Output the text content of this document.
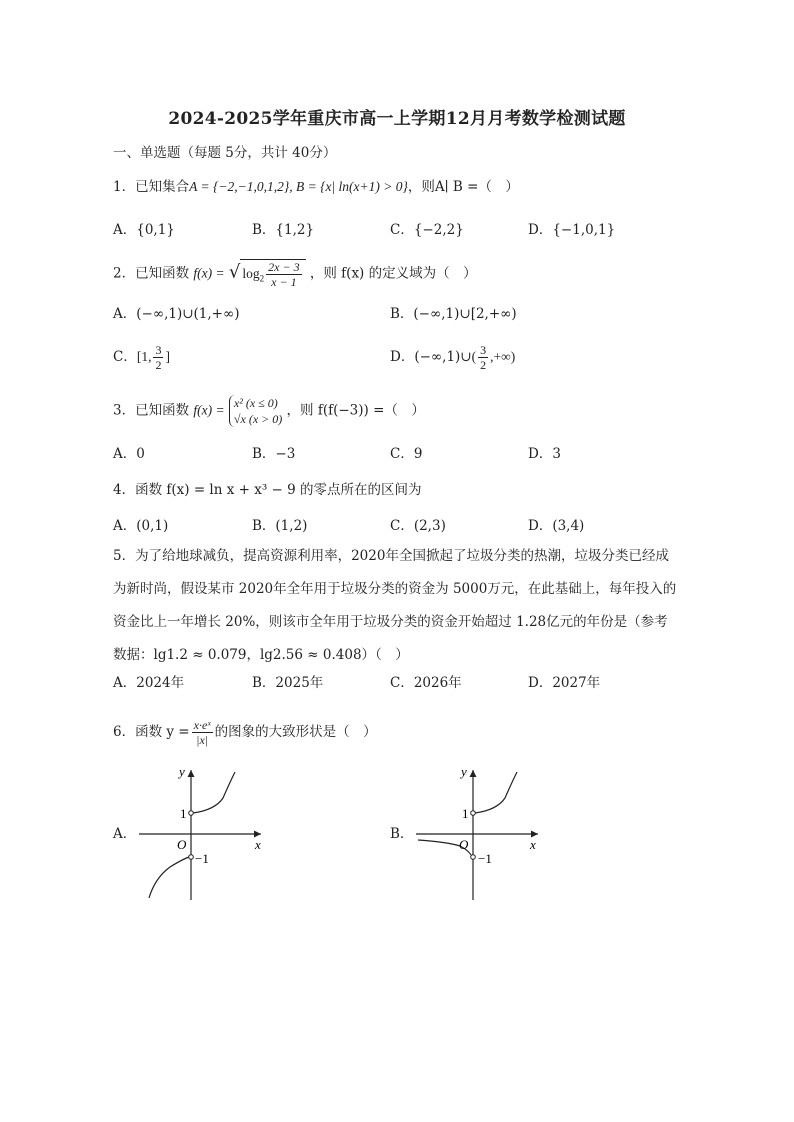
2024-2025学年重庆市高一上学期12月月考数学检测试题
一、单选题（每题 5分，共计 40分）
1．已知集合A = {−2,−1,0,1,2}, B = {x| ln(x+1) > 0}，则A∣ B =（　）
A．{0,1}	B．{1,2}	C．{−2,2}	D．{−1,0,1}
2．已知函数 f(x) = √ $\log_2 \frac{2x - 3}{x - 1}$ ，则 f(x) 的定义域为（　）
A．(−∞,1)∪(1,+∞)	B．(−∞,1)∪[2,+∞)
C．[1, $\frac{3}{2}$ ]	D．(−∞,1)∪( $\frac{3}{2}$ ,+∞)
3．已知函数 f(x) = x² (x ≤ 0)
√x (x > 0)
，则 f(f(−3)) =（　）
A．0	B．−3	C．9	D．3
4．函数 f(x) = ln x + x³ − 9 的零点所在的区间为
A．(0,1)	B．(1,2)	C．(2,3)	D．(3,4)
5．为了给地球减负，提高资源利用率，2020年全国掀起了垃圾分类的热潮，垃圾分类已经成
为新时尚，假设某市 2020年全年用于垃圾分类的资金为 5000万元，在此基础上，每年投入的
资金比上一年增长 20%，则该市全年用于垃圾分类的资金开始超过 1.28亿元的年份是（参考
数据：lg1.2 ≈ 0.079，lg2.56 ≈ 0.408）（　）
A．2024年	B．2025年	C．2026年	D．2027年
6．函数 $y = \frac{\text{x·eˣ}}{|x|}$ 的图象的大致形状是（　）
A．	B．
y
x
O
1
−1
y
x
O
1
−1
